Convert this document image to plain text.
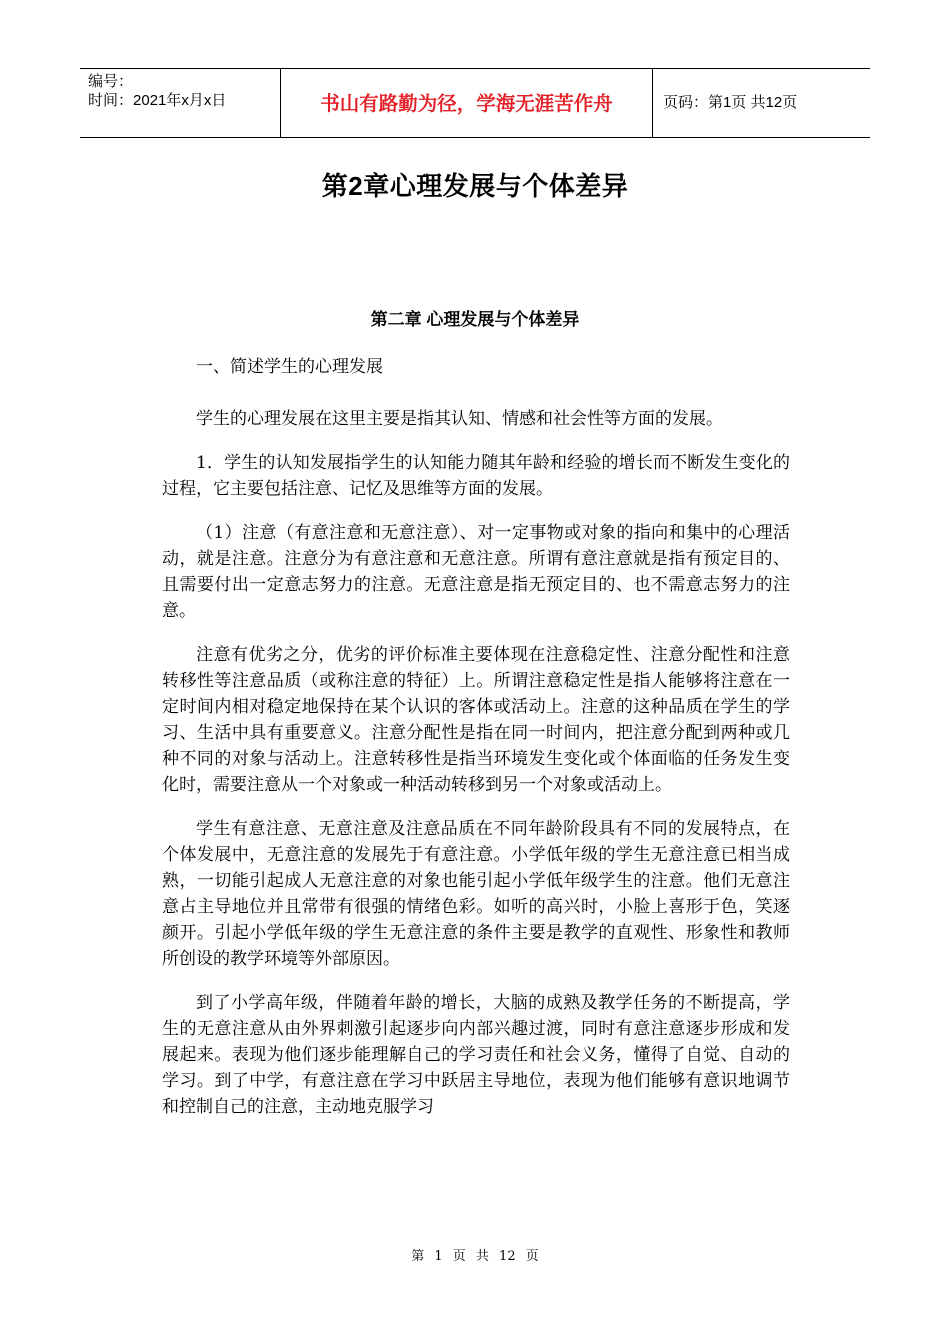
编号：
时间：2021年x月x日	书山有路勤为径，学海无涯苦作舟	页码：第1页 共12页
第2章心理发展与个体差异
第二章 心理发展与个体差异

一、简述学生的心理发展

学生的心理发展在这里主要是指其认知、情感和社会性等方面的发展。

1．学生的认知发展指学生的认知能力随其年龄和经验的增长而不断发生变化的过程，它主要包括注意、记忆及思维等方面的发展。

（1）注意（有意注意和无意注意）、对一定事物或对象的指向和集中的心理活动，就是注意。注意分为有意注意和无意注意。所谓有意注意就是指有预定目的、且需要付出一定意志努力的注意。无意注意是指无预定目的、也不需意志努力的注意。

注意有优劣之分，优劣的评价标准主要体现在注意稳定性、注意分配性和注意转移性等注意品质（或称注意的特征）上。所谓注意稳定性是指人能够将注意在一定时间内相对稳定地保持在某个认识的客体或活动上。注意的这种品质在学生的学习、生活中具有重要意义。注意分配性是指在同一时间内，把注意分配到两种或几种不同的对象与活动上。注意转移性是指当环境发生变化或个体面临的任务发生变化时，需要注意从一个对象或一种活动转移到另一个对象或活动上。

学生有意注意、无意注意及注意品质在不同年龄阶段具有不同的发展特点，在个体发展中，无意注意的发展先于有意注意。小学低年级的学生无意注意已相当成熟，一切能引起成人无意注意的对象也能引起小学低年级学生的注意。他们无意注意占主导地位并且常带有很强的情绪色彩。如听的高兴时，小脸上喜形于色，笑逐颜开。引起小学低年级的学生无意注意的条件主要是教学的直观性、形象性和教师所创设的教学环境等外部原因。

到了小学高年级，伴随着年龄的增长，大脑的成熟及教学任务的不断提高，学生的无意注意从由外界刺激引起逐步向内部兴趣过渡，同时有意注意逐步形成和发展起来。表现为他们逐步能理解自己的学习责任和社会义务，懂得了自觉、自动的学习。到了中学，有意注意在学习中跃居主导地位，表现为他们能够有意识地调节和控制自己的注意，主动地克服学习

第 1 页 共 12 页
